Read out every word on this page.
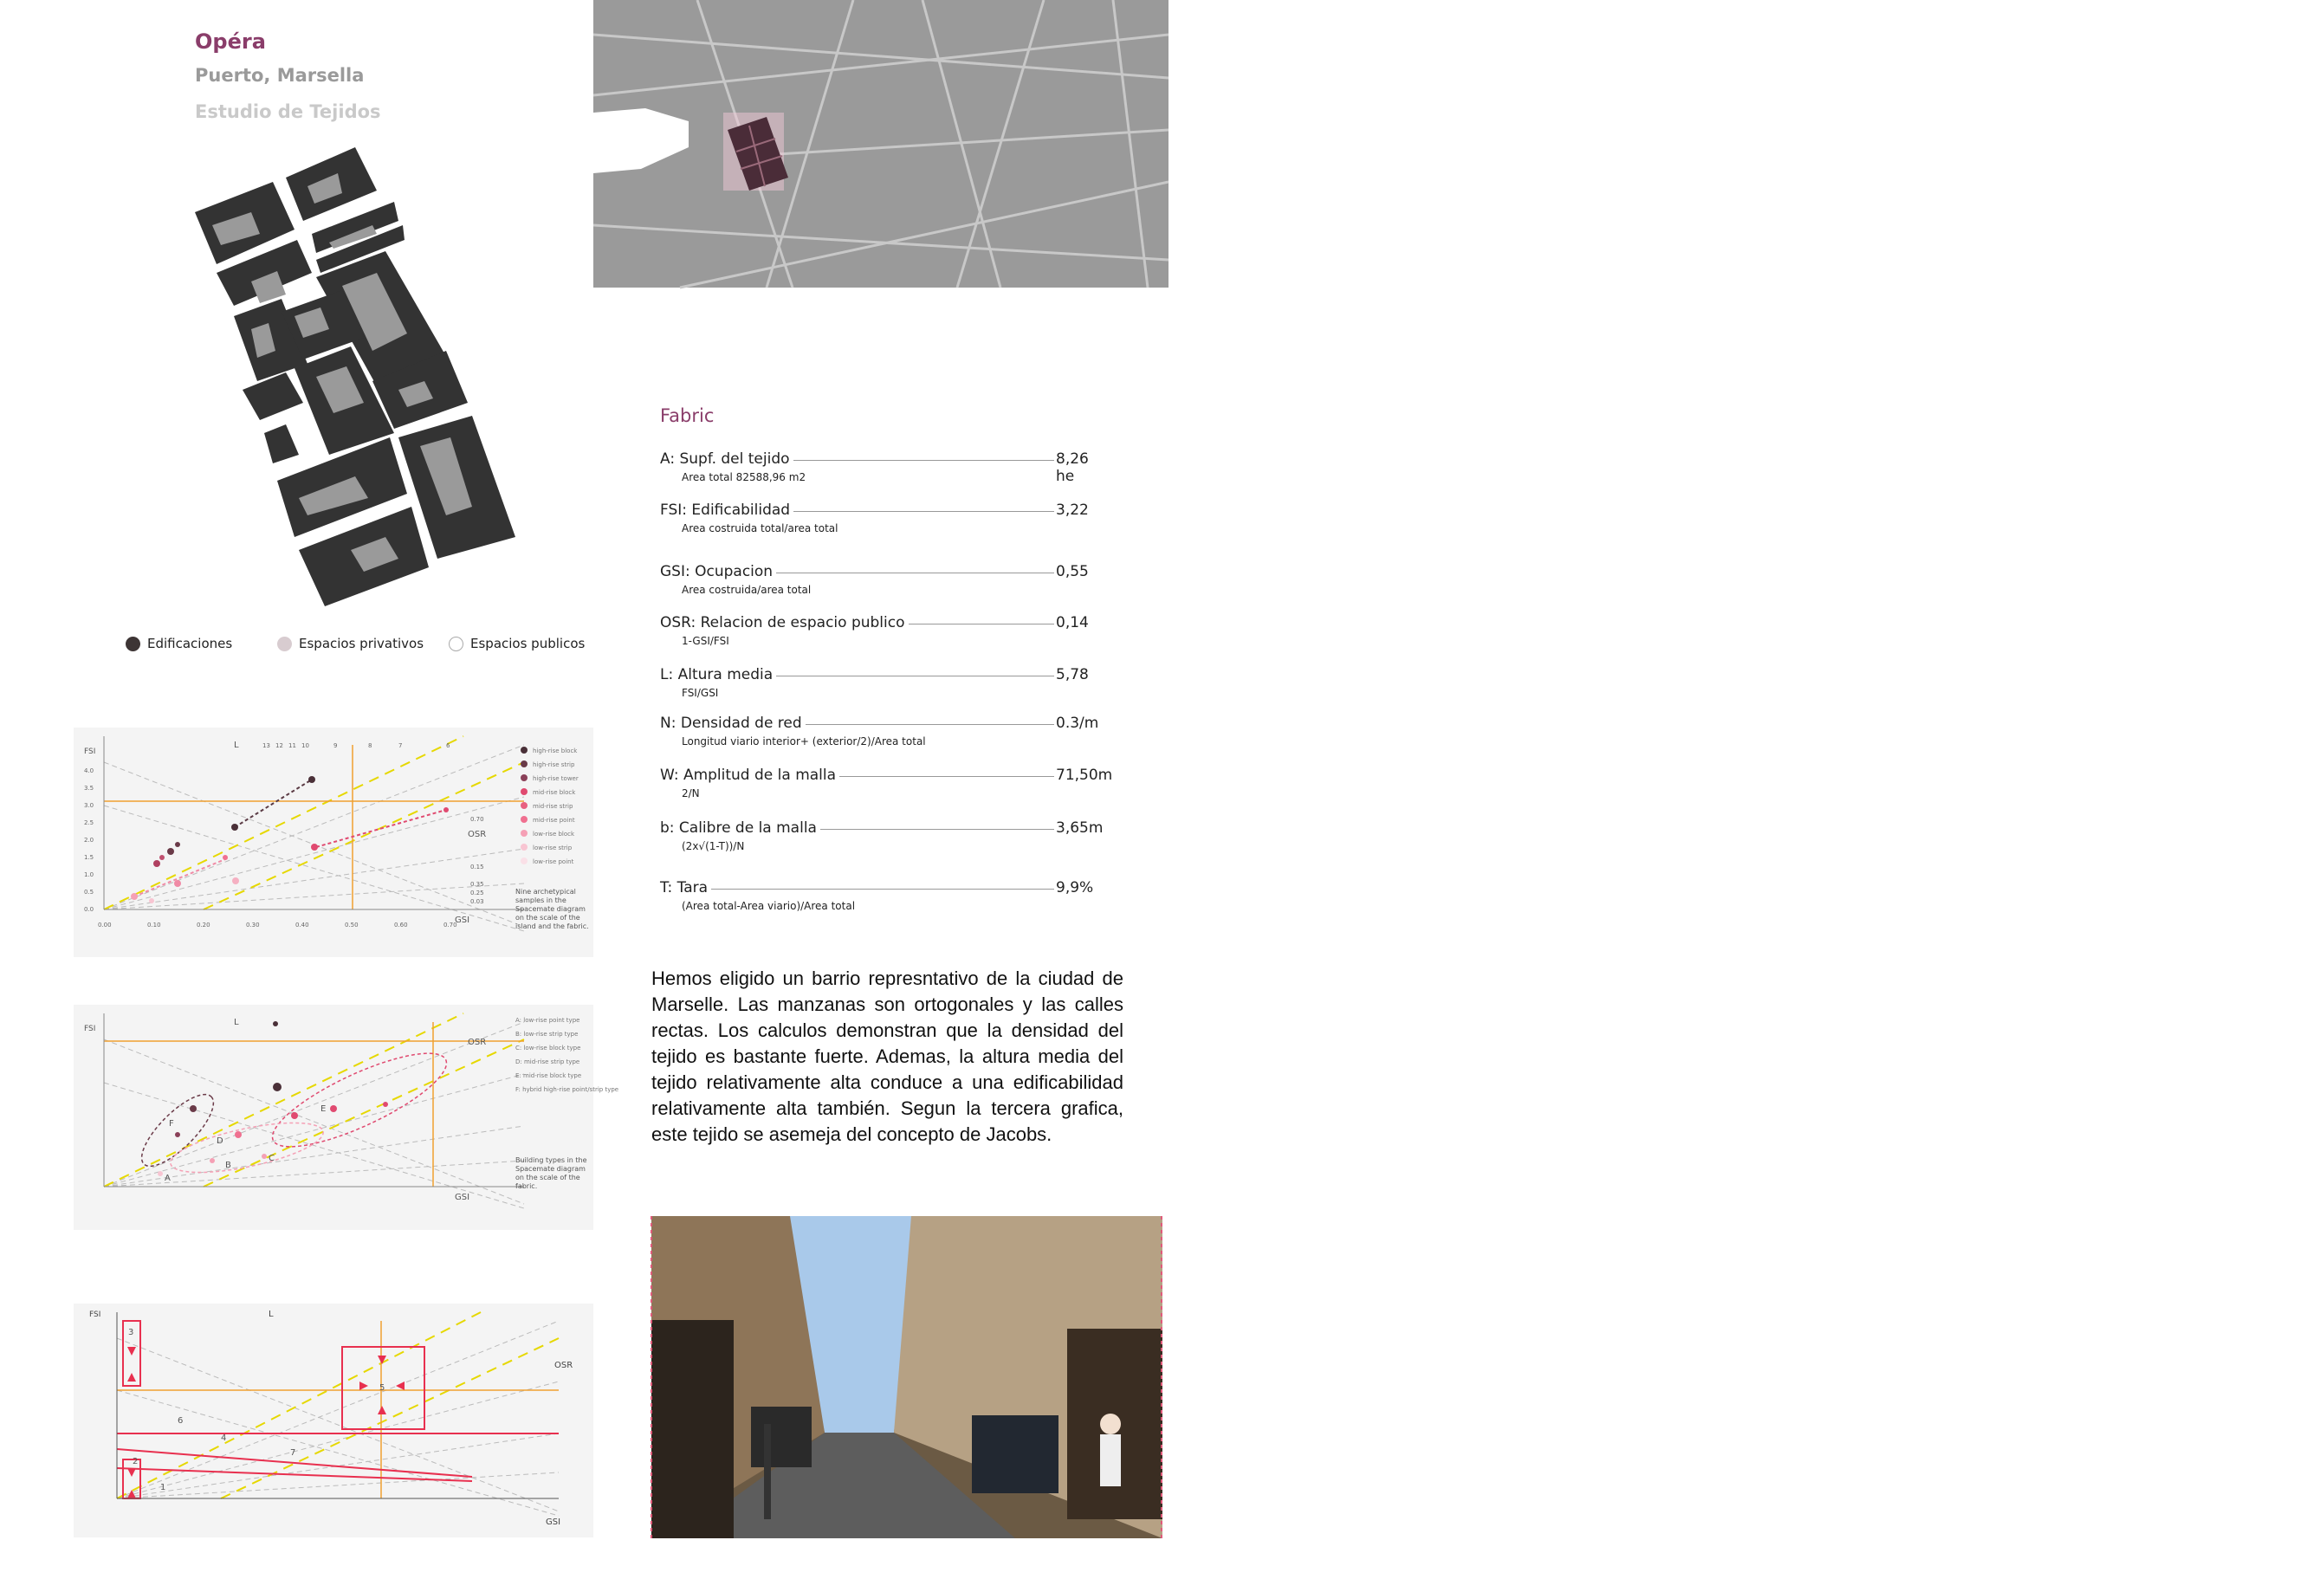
Opéra
Puerto, Marsella
Estudio de Tejidos
Edificaciones	Espacios privativos	Espacios publicos
Fabric
A: Supf. del tejido	8,26 he
Area total 82588,96 m2
FSI: Edificabilidad	3,22
Area costruida total/area total
GSI: Ocupacion	0,55
Area costruida/area total
OSR: Relacion de espacio publico	0,14
1-GSI/FSI
L: Altura media	5,78
FSI/GSI
N: Densidad de red	0.3/m
Longitud viario interior+ (exterior/2)/Area total
W: Amplitud de la malla	71,50m
2/N
b: Calibre de la malla	3,65m
(2x√(1-T))/N
T: Tara	9,9%
(Area total-Area viario)/Area total
Hemos eligido un barrio represntativo de la ciudad de Marselle. Las manzanas son ortogonales y las calles rectas. Los calculos demonstran que la densidad del tejido es bastante fuerte. Ademas, la altura media del tejido relativamente alta conduce a una edificabilidad relativamente alta también. Segun la tercera grafica, este tejido se asemeja del concepto de Jacobs.
FSI
GSI
OSR
L
4.0
3.5
3.0
2.5
2.0
1.5
1.0
0.5
0.0
0.00	0.10	0.20	0.30	0.40	0.50	0.60	0.70
13 12 11 10	9	8	7	6
0.70
0.15
0.35
0.25
0.03
high-rise block
high-rise strip
high-rise tower
mid-rise block
mid-rise strip
mid-rise point
low-rise block
low-rise strip
low-rise point
Nine archetypical samples in the Spacemate diagram on the scale of the island and the fabric.
FSI
GSI
OSR
L
A
B
C
D
E
F
A: low-rise point type
B: low-rise strip type
C: low-rise block type
D: mid-rise strip type
E: mid-rise block type
F: hybrid high-rise point/strip type
Building types in the Spacemate diagram on the scale of the fabric.
FSI
GSI
OSR
L
1
2
3
4
5
6
7
